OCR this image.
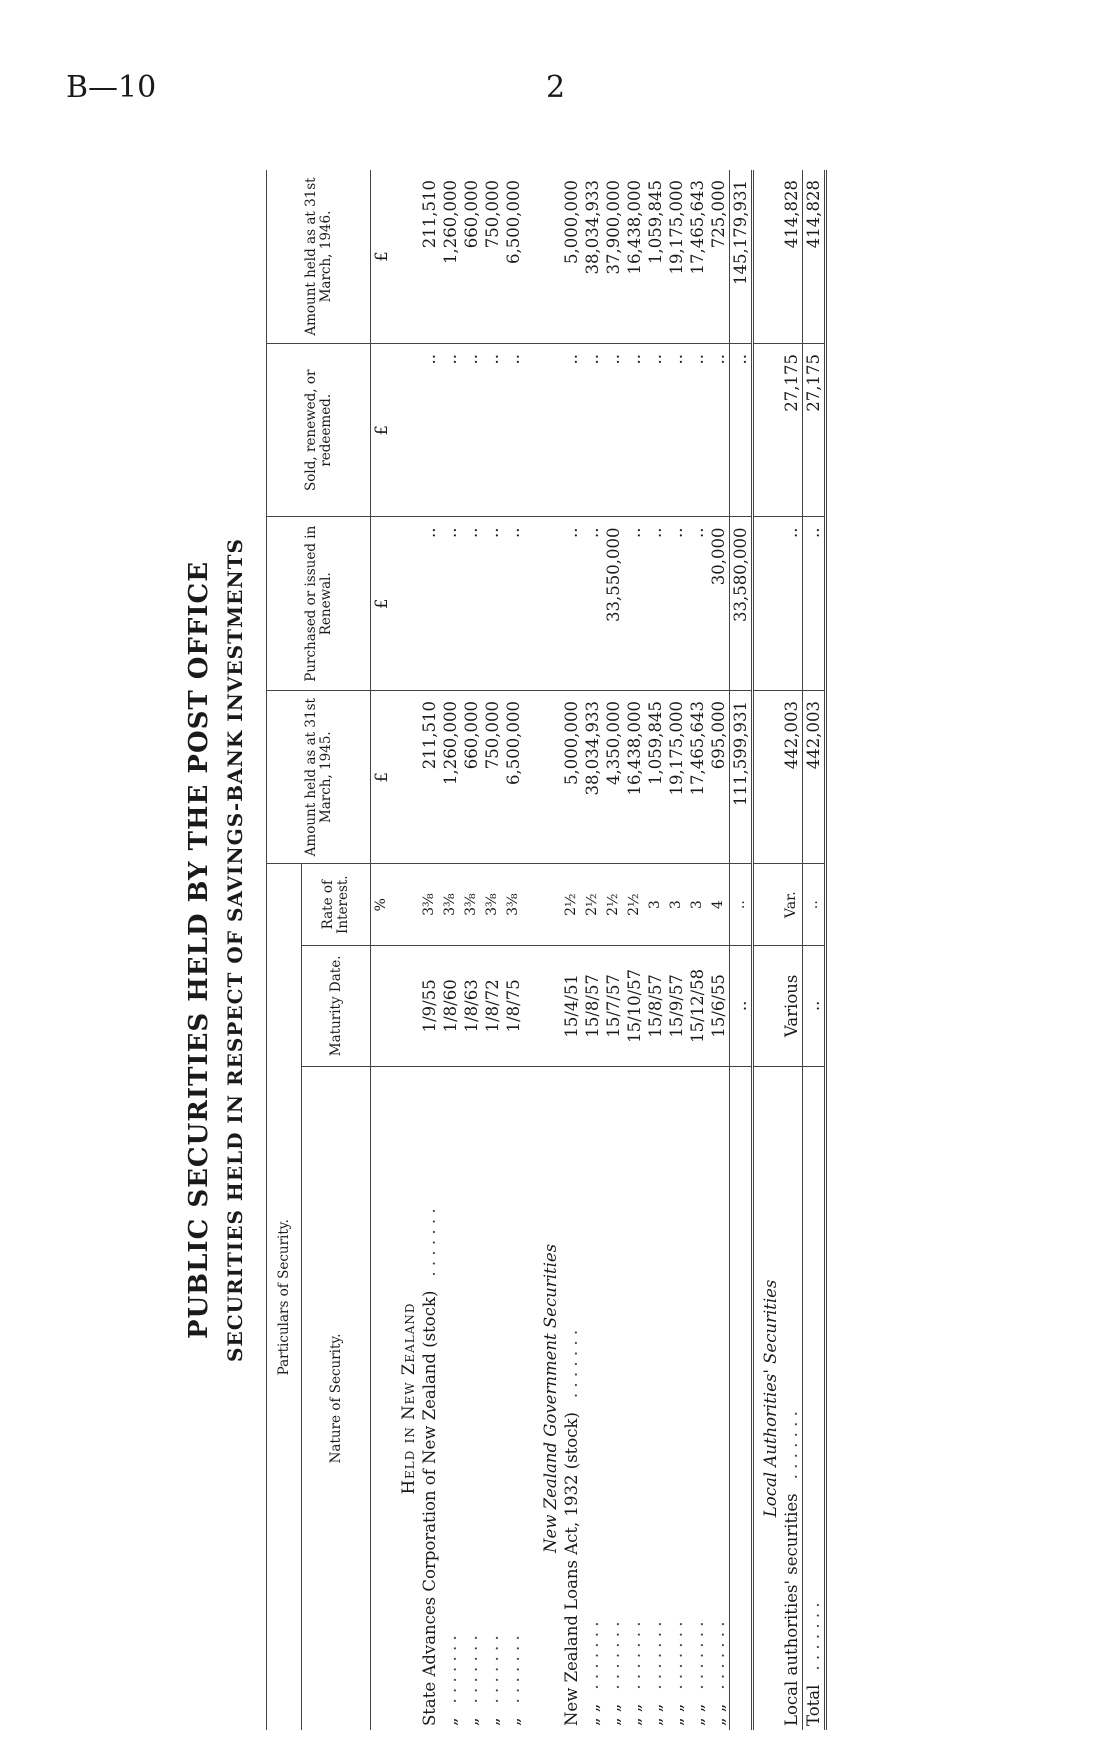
B—10	2
PUBLIC SECURITIES HELD BY THE POST OFFICE SECURITIES HELD IN RESPECT OF SAVINGS-BANK INVESTMENTS	Particulars of Security.			Amount held as at 31st March, 1945.	Purchased or issued in Renewal.	Sold, renewed, or redeemed.	Amount held as at 31st March, 1946.
Nature of Security.	Maturity Date.	Rate of Interest.				
		%	£	£	£	£
Held in New Zealand						
State Advances Corporation of New Zealand (stock). . . . . . .	1/9/55	3⅜	211,510	..	..	211,510
„. . . . . . .	1/8/60	3⅜	1,260,000	..	..	1,260,000
„. . . . . . .	1/8/63	3⅜	660,000	..	..	660,000
„. . . . . . .	1/8/72	3⅜	750,000	..	..	750,000
„. . . . . . .	1/8/75	3⅜	6,500,000	..	..	6,500,000

New Zealand Government Securities						
New Zealand Loans Act, 1932 (stock). . . . . . .	15/4/51	2½	5,000,000	..	..	5,000,000
„ „. . . . . . .	15/8/57	2½	38,034,933	..	..	38,034,933
„ „. . . . . . .	15/7/57	2½	4,350,000	33,550,000	..	37,900,000
„ „. . . . . . .	15/10/57	2½	16,438,000	..	..	16,438,000
„ „. . . . . . .	15/8/57	3	1,059,845	..	..	1,059,845
„ „. . . . . . .	15/9/57	3	19,175,000	..	..	19,175,000
„ „. . . . . . .	15/12/58	3	17,465,643	..	..	17,465,643
„ „. . . . . . .	15/6/55	4	695,000	30,000	..	725,000
	..	..	111,599,931	33,580,000	..	145,179,931
Local Authorities' Securities						
Local authorities' securities. . . . . . .	Various	Var.	442,003	..	27,175	414,828
Total. . . . . . .	..	..	442,003	..	27,175	414,828
